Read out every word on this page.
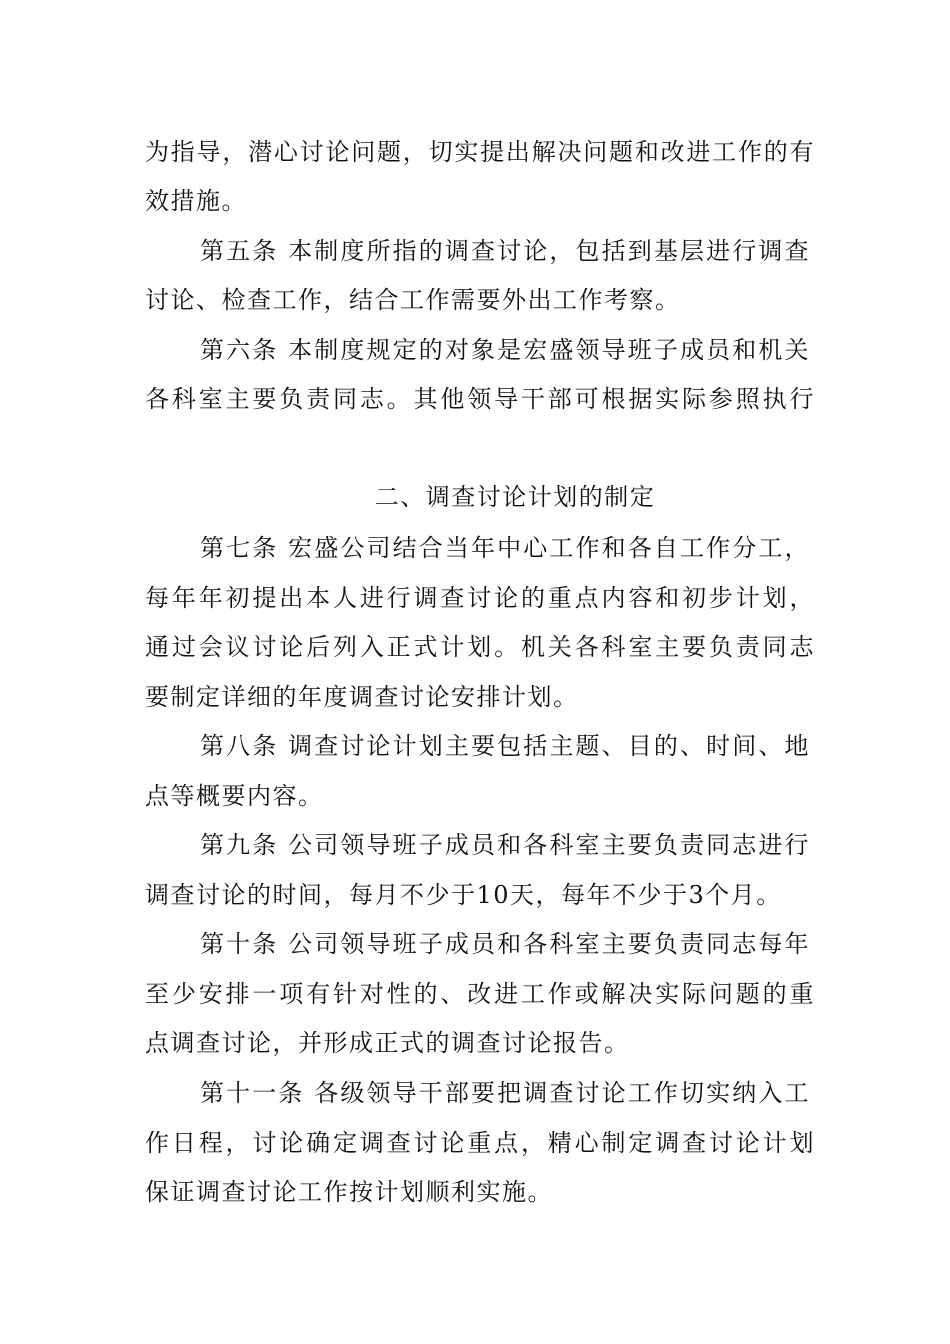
为指导，潜心讨论问题，切实提出解决问题和改进工作的有
效措施。
第五条 本制度所指的调查讨论，包括到基层进行调查
讨论、检查工作，结合工作需要外出工作考察。
第六条 本制度规定的对象是宏盛领导班子成员和机关
各科室主要负责同志。其他领导干部可根据实际参照执行
二、调查讨论计划的制定
第七条 宏盛公司结合当年中心工作和各自工作分工，
每年年初提出本人进行调查讨论的重点内容和初步计划，
通过会议讨论后列入正式计划。机关各科室主要负责同志
要制定详细的年度调查讨论安排计划。
第八条 调查讨论计划主要包括主题、目的、时间、地
点等概要内容。
第九条 公司领导班子成员和各科室主要负责同志进行
调查讨论的时间，每月不少于10天，每年不少于3个月。
第十条 公司领导班子成员和各科室主要负责同志每年
至少安排一项有针对性的、改进工作或解决实际问题的重
点调查讨论，并形成正式的调查讨论报告。
第十一条 各级领导干部要把调查讨论工作切实纳入工
作日程，讨论确定调查讨论重点，精心制定调查讨论计划
保证调查讨论工作按计划顺利实施。
